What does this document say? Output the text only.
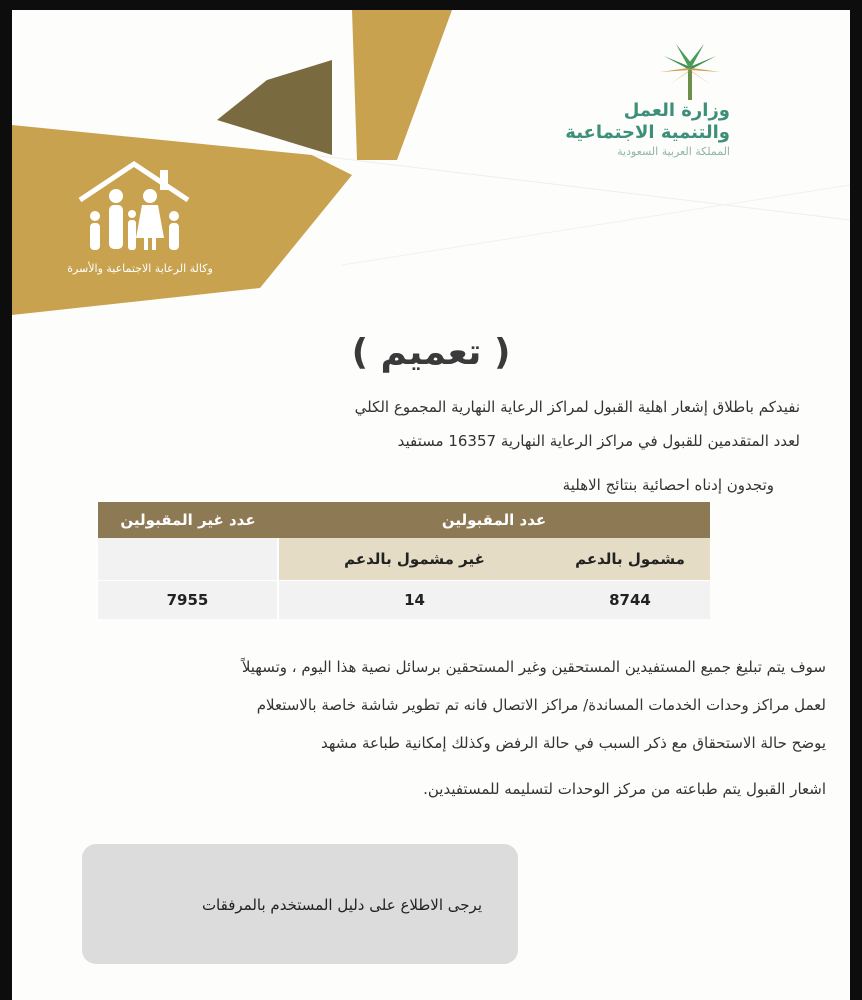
وزارة العمل
والتنمية الاجتماعية
المملكة العربية السعودية
وكالة الرعاية الاجتماعية والأسرة
( تعميم )
نفيدكم باطلاق إشعار اهلية القبول لمراكز الرعاية النهارية المجموع الكلي
لعدد المتقدمين للقبول في مراكز الرعاية النهارية 16357 مستفيد
وتجدون إدناه احصائية بنتائج الاهلية
عدد المقبولين		عدد غير المقبولين
مشمول بالدعم	غير مشمول بالدعم	
8744	14	7955
سوف يتم تبليغ جميع المستفيدين المستحقين وغير المستحقين برسائل نصية هذا اليوم ، وتسهيلاً
لعمل مراكز وحدات الخدمات المساندة/ مراكز الاتصال فانه تم تطوير شاشة خاصة بالاستعلام
يوضح حالة الاستحقاق مع ذكر السبب في حالة الرفض وكذلك إمكانية طباعة مشهد
اشعار القبول يتم طباعته من مركز الوحدات لتسليمه للمستفيدين.
يرجى الاطلاع على دليل المستخدم بالمرفقات
